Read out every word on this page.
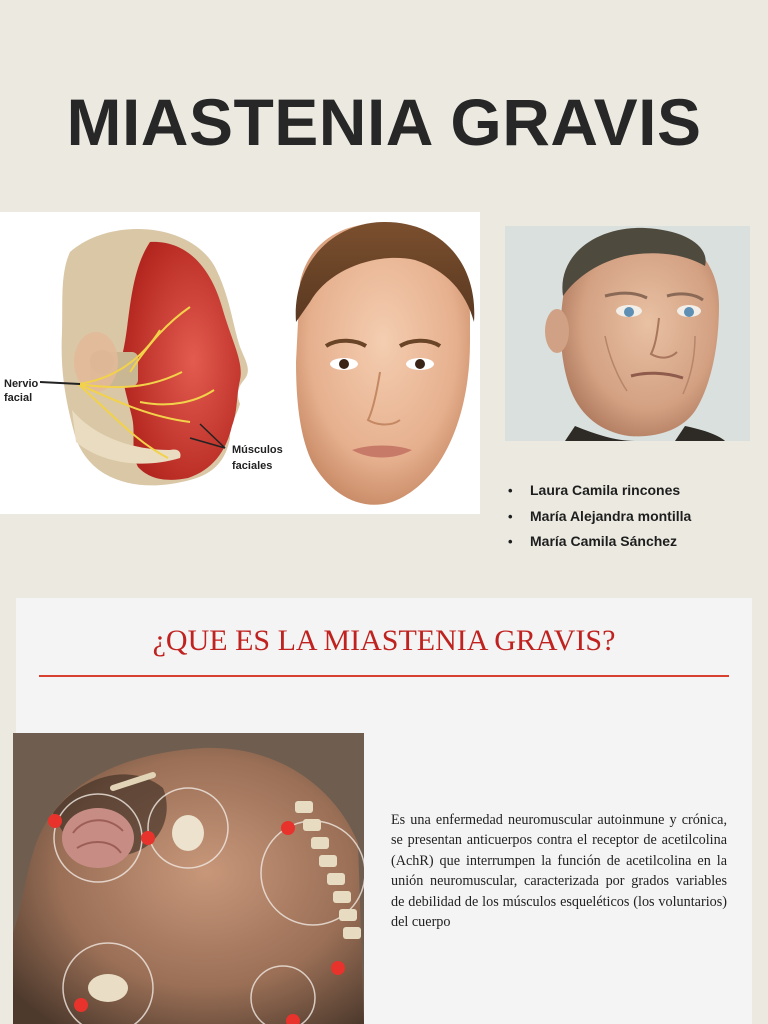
MIASTENIA GRAVIS
Nervio
facial
Músculos
faciales
• Laura Camila rincones
• María Alejandra montilla
• María Camila Sánchez
¿QUE ES LA MIASTENIA GRAVIS?

Es una enfermedad neuromuscular autoinmune y crónica, se presentan anticuerpos contra el receptor de acetilcolina (AchR) que interrumpen la función de acetilcolina en la unión neuromuscular, caracterizada por grados variables de debilidad de los músculos esqueléticos (los voluntarios) del cuerpo
